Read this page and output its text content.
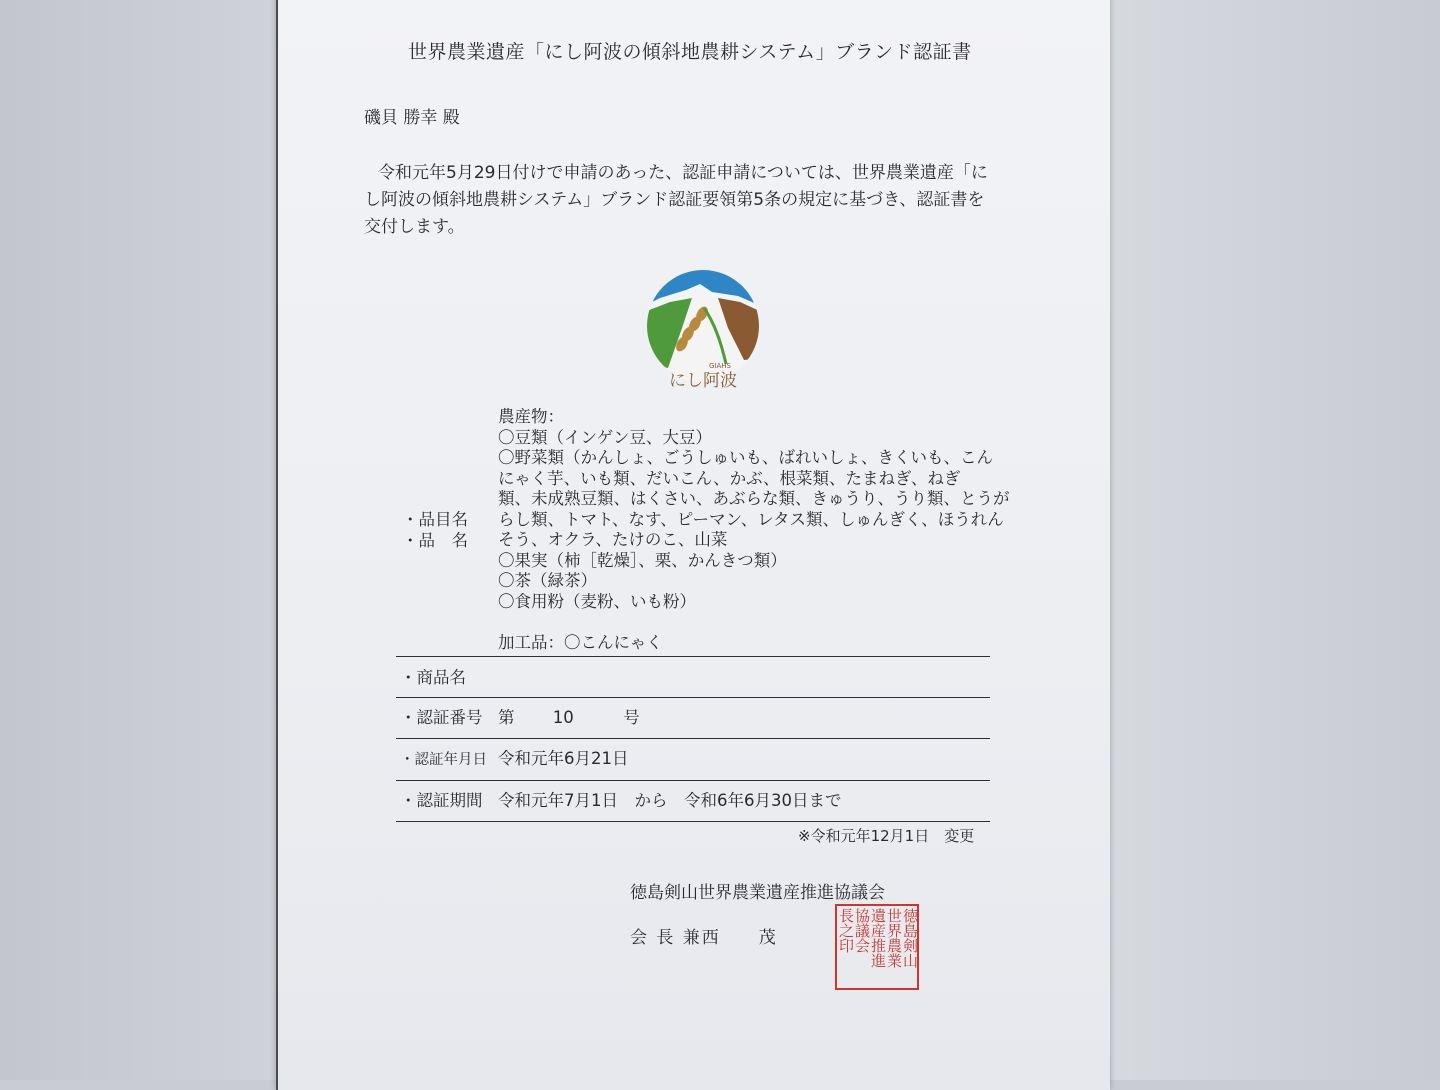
世界農業遺産「にし阿波の傾斜地農耕システム」ブランド認証書
磯貝 勝幸 殿
令和元年5月29日付けで申請のあった、認証申請については、世界農業遺産「に
し阿波の傾斜地農耕システム」ブランド認証要領第5条の規定に基づき、認証書を
交付します。
にし阿波
GIAHS
農産物：
〇豆類（インゲン豆、大豆）
〇野菜類（かんしょ、ごうしゅいも、ばれいしょ、きくいも、こん
にゃく芋、いも類、だいこん、かぶ、根菜類、たまねぎ、ねぎ
類、未成熟豆類、はくさい、あぶらな類、きゅうり、うり類、とうが
らし類、トマト、なす、ピーマン、レタス類、しゅんぎく、ほうれん
そう、オクラ、たけのこ、山菜
〇果実（柿［乾燥］、栗、かんきつ類）
〇茶（緑茶）
〇食用粉（麦粉、いも粉）
・品目名
・品　名
加工品：〇こんにゃく
・商品名
・認証番号 第　　 10　　　号
・認証年月日 令和元年6月21日
・認証期間 令和元年7月1日　から　令和6年6月30日まで
※令和元年12月1日　変更
徳島剣山世界農業遺産推進協議会
会 長 兼西　　茂	徳島剣山
世界農業
遺産推進
協議会
長之印
